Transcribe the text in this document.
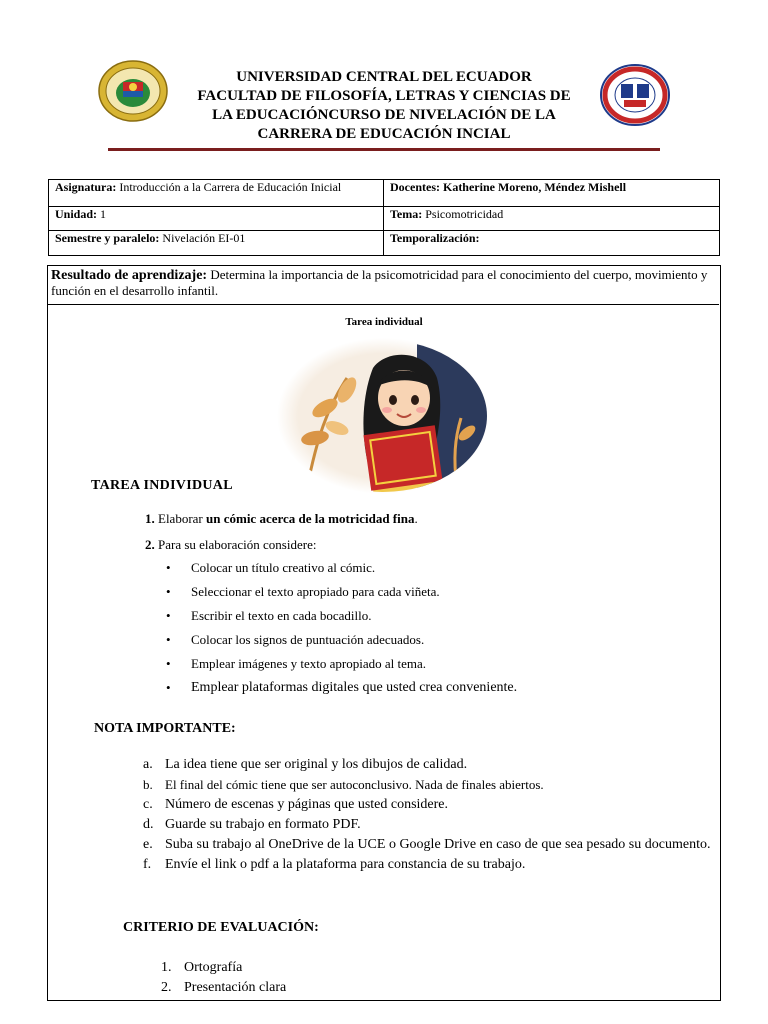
UNIVERSIDAD CENTRAL DEL ECUADOR
FACULTAD DE FILOSOFÍA, LETRAS Y CIENCIAS DE
LA EDUCACIÓNCURSO DE NIVELACIÓN DE LA
CARRERA DE EDUCACIÓN INCIAL
Asignatura: Introducción a la Carrera de Educación Inicial	Docentes: Katherine Moreno, Méndez Mishell
Unidad: 1	Tema: Psicomotricidad
Semestre y paralelo: Nivelación EI-01	Temporalización:
Resultado de aprendizaje: Determina la importancia de la psicomotricidad para el conocimiento del cuerpo, movimiento y función en el desarrollo infantil.
Tarea individual
TAREA INDIVIDUAL
1. Elaborar un cómic acerca de la motricidad fina.
2. Para su elaboración considere:
• Colocar un título creativo al cómic.
• Seleccionar el texto apropiado para cada viñeta.
• Escribir el texto en cada bocadillo.
• Colocar los signos de puntuación adecuados.
• Emplear imágenes y texto apropiado al tema.
• Emplear plataformas digitales que usted crea conveniente.
NOTA IMPORTANTE:
a. La idea tiene que ser original y los dibujos de calidad.
b. El final del cómic tiene que ser autoconclusivo. Nada de finales abiertos.
c. Número de escenas y páginas que usted considere.
d. Guarde su trabajo en formato PDF.
e. Suba su trabajo al OneDrive de la UCE o Google Drive en caso de que sea pesado su documento.
f. Envíe el link o pdf a la plataforma para constancia de su trabajo.
CRITERIO DE EVALUACIÓN:
1. Ortografía
2. Presentación clara
